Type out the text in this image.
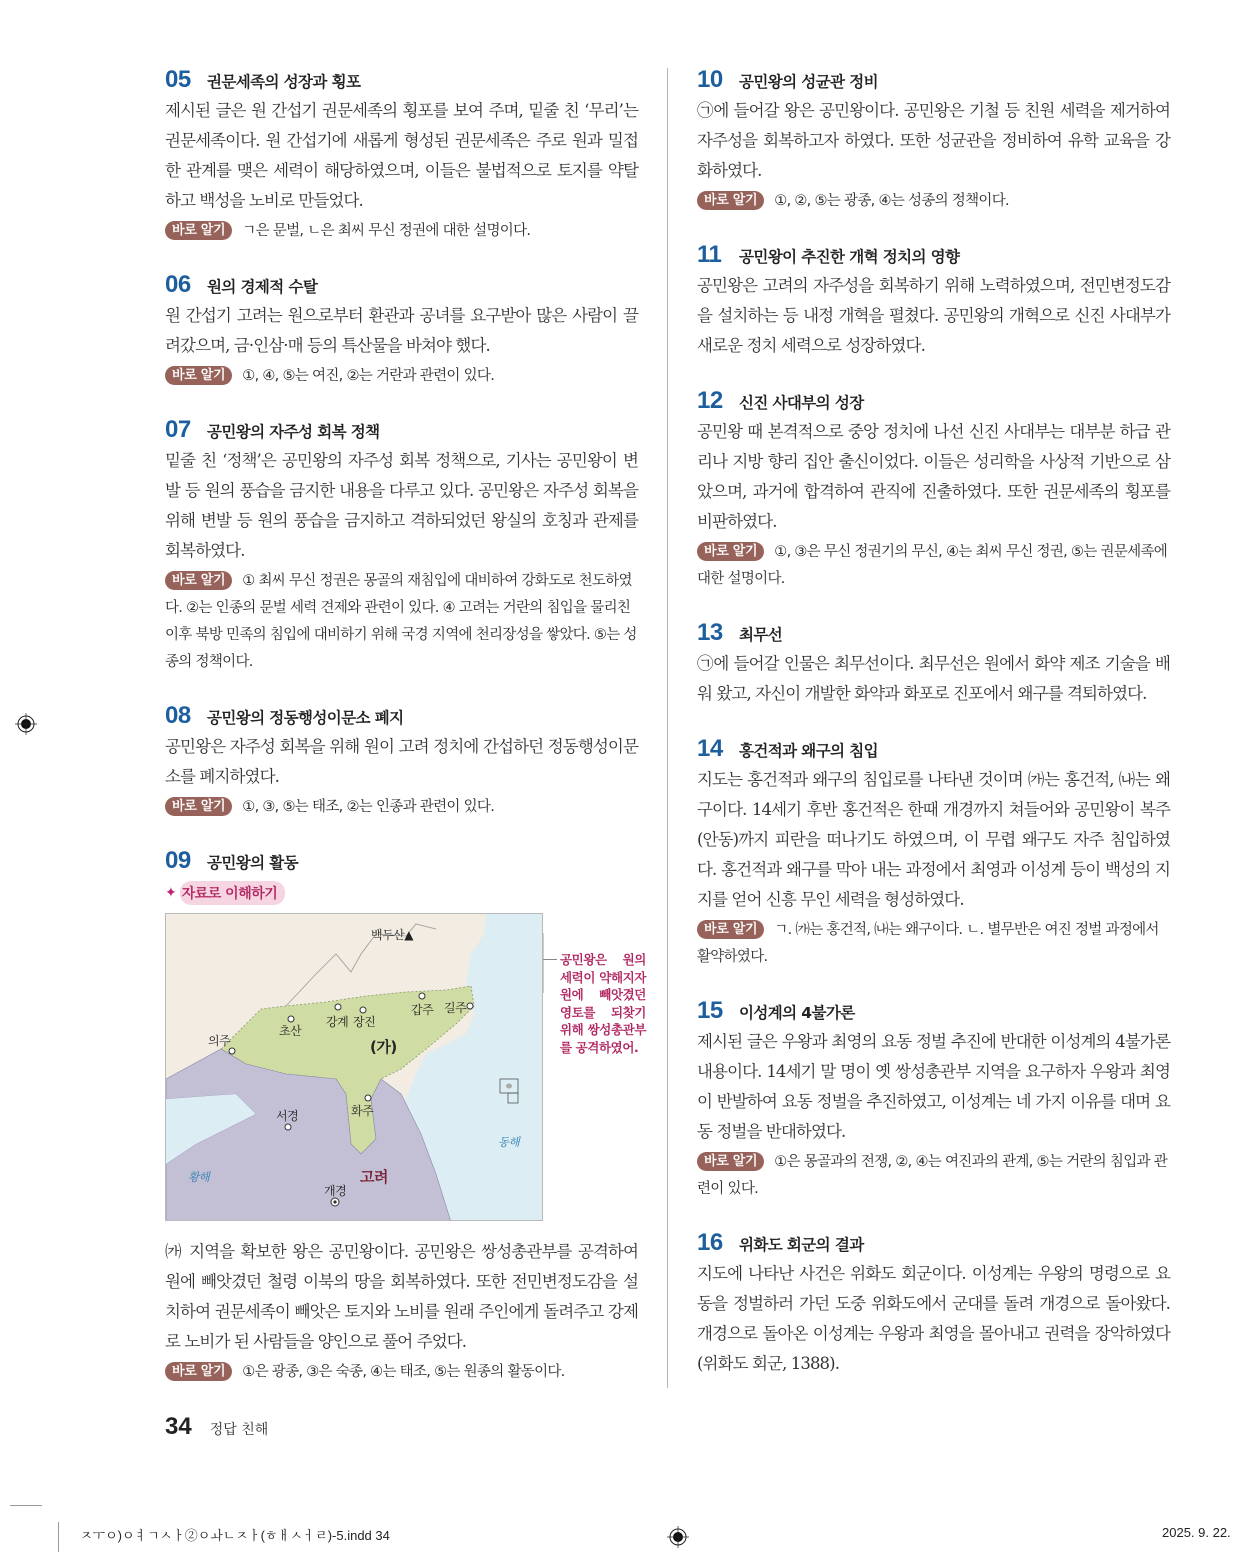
05	권문세족의 성장과 횡포
제시된 글은 원 간섭기 권문세족의 횡포를 보여 주며, 밑줄 친 ‘무리’는 권문세족이다. 원 간섭기에 새롭게 형성된 권문세족은 주로 원과 밀접한 관계를 맺은 세력이 해당하였으며, 이들은 불법적으로 토지를 약탈하고 백성을 노비로 만들었다.
바로 알기 ㄱ은 문벌, ㄴ은 최씨 무신 정권에 대한 설명이다.
06	원의 경제적 수탈
원 간섭기 고려는 원으로부터 환관과 공녀를 요구받아 많은 사람이 끌려갔으며, 금·인삼·매 등의 특산물을 바쳐야 했다.
바로 알기 ①, ④, ⑤는 여진, ②는 거란과 관련이 있다.
07	공민왕의 자주성 회복 정책
밑줄 친 ‘정책’은 공민왕의 자주성 회복 정책으로, 기사는 공민왕이 변발 등 원의 풍습을 금지한 내용을 다루고 있다. 공민왕은 자주성 회복을 위해 변발 등 원의 풍습을 금지하고 격하되었던 왕실의 호칭과 관제를 회복하였다.
바로 알기 ① 최씨 무신 정권은 몽골의 재침입에 대비하여 강화도로 천도하였다. ②는 인종의 문벌 세력 견제와 관련이 있다. ④ 고려는 거란의 침입을 물리친 이후 북방 민족의 침입에 대비하기 위해 국경 지역에 천리장성을 쌓았다. ⑤는 성종의 정책이다.
08	공민왕의 정동행성이문소 폐지
공민왕은 자주성 회복을 위해 원이 고려 정치에 간섭하던 정동행성이문소를 폐지하였다.
바로 알기 ①, ③, ⑤는 태조, ②는 인종과 관련이 있다.
09	공민왕의 활동
✦ 자료로 이해하기
백두산▲
의주
초산
강계 장진
갑주 길주
(가)
화주
서경
고려
개경
황해
동해
공민왕은 원의 세력이 약해지자 원에 빼앗겼던 영토를 되찾기 위해 쌍성총관부를 공격하였어.
㈎ 지역을 확보한 왕은 공민왕이다. 공민왕은 쌍성총관부를 공격하여 원에 빼앗겼던 철령 이북의 땅을 회복하였다. 또한 전민변정도감을 설치하여 권문세족이 빼앗은 토지와 노비를 원래 주인에게 돌려주고 강제로 노비가 된 사람들을 양인으로 풀어 주었다.
바로 알기 ①은 광종, ③은 숙종, ④는 태조, ⑤는 원종의 활동이다.
10	공민왕의 성균관 정비
㉠에 들어갈 왕은 공민왕이다. 공민왕은 기철 등 친원 세력을 제거하여 자주성을 회복하고자 하였다. 또한 성균관을 정비하여 유학 교육을 강화하였다.
바로 알기 ①, ②, ⑤는 광종, ④는 성종의 정책이다.
11	공민왕이 추진한 개혁 정치의 영향
공민왕은 고려의 자주성을 회복하기 위해 노력하였으며, 전민변정도감을 설치하는 등 내정 개혁을 펼쳤다. 공민왕의 개혁으로 신진 사대부가 새로운 정치 세력으로 성장하였다.
12	신진 사대부의 성장
공민왕 때 본격적으로 중앙 정치에 나선 신진 사대부는 대부분 하급 관리나 지방 향리 집안 출신이었다. 이들은 성리학을 사상적 기반으로 삼았으며, 과거에 합격하여 관직에 진출하였다. 또한 권문세족의 횡포를 비판하였다.
바로 알기 ①, ③은 무신 정권기의 무신, ④는 최씨 무신 정권, ⑤는 권문세족에 대한 설명이다.
13	최무선
㉠에 들어갈 인물은 최무선이다. 최무선은 원에서 화약 제조 기술을 배워 왔고, 자신이 개발한 화약과 화포로 진포에서 왜구를 격퇴하였다.
14	홍건적과 왜구의 침입
지도는 홍건적과 왜구의 침입로를 나타낸 것이며 ㈎는 홍건적, ㈏는 왜구이다. 14세기 후반 홍건적은 한때 개경까지 쳐들어와 공민왕이 복주(안동)까지 피란을 떠나기도 하였으며, 이 무렵 왜구도 자주 침입하였다. 홍건적과 왜구를 막아 내는 과정에서 최영과 이성계 등이 백성의 지지를 얻어 신흥 무인 세력을 형성하였다.
바로 알기 ㄱ. ㈎는 홍건적, ㈏는 왜구이다. ㄴ. 별무반은 여진 정벌 과정에서 활약하였다.
15	이성계의 4불가론
제시된 글은 우왕과 최영의 요동 정벌 추진에 반대한 이성계의 4불가론 내용이다. 14세기 말 명이 옛 쌍성총관부 지역을 요구하자 우왕과 최영이 반발하여 요동 정벌을 추진하였고, 이성계는 네 가지 이유를 대며 요동 정벌을 반대하였다.
바로 알기 ①은 몽골과의 전쟁, ②, ④는 여진과의 관계, ⑤는 거란의 침입과 관련이 있다.
16	위화도 회군의 결과
지도에 나타난 사건은 위화도 회군이다. 이성계는 우왕의 명령으로 요동을 정벌하러 가던 도중 위화도에서 군대를 돌려 개경으로 돌아왔다. 개경으로 돌아온 이성계는 우왕과 최영을 몰아내고 권력을 장악하였다(위화도 회군, 1388).
34 정답 친해
ㅈㅜㅇ)ㅇㅕㄱㅅㅏ②ㅇㅘㄴㅈㅏ(ㅎㅐㅅㅓㄹ)-5.indd 34	2025. 9. 22.
